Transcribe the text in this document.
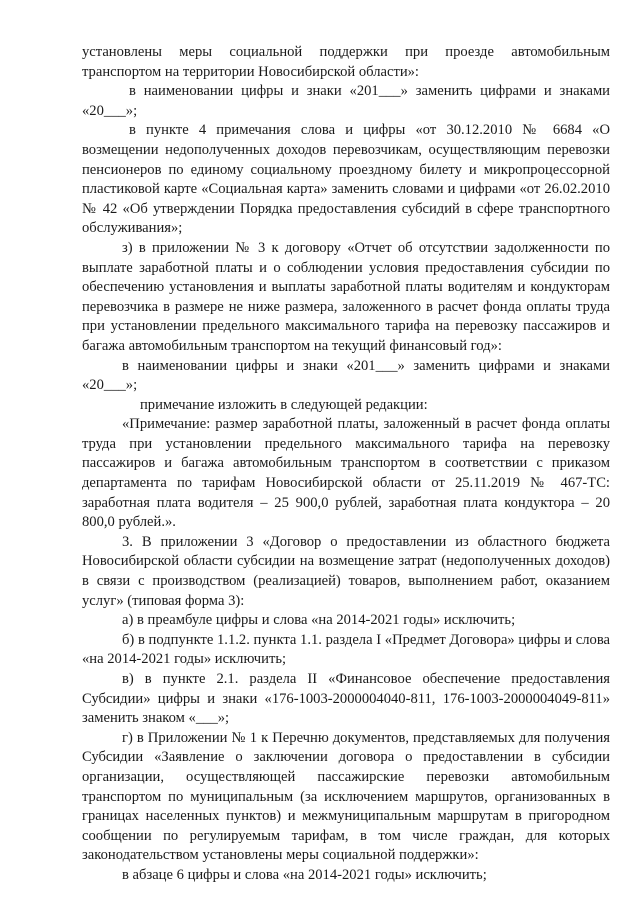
установлены меры социальной поддержки при проезде автомобильным транспортом на территории Новосибирской области»:

в наименовании цифры и знаки «201___» заменить цифрами и знаками «20___»;

в пункте 4 примечания слова и цифры «от 30.12.2010 № 6684 «О возмещении недополученных доходов перевозчикам, осуществляющим перевозки пенсионеров по единому социальному проездному билету и микропроцессорной пластиковой карте «Социальная карта» заменить словами и цифрами «от 26.02.2010 № 42 «Об утверждении Порядка предоставления субсидий в сфере транспортного обслуживания»;

з) в приложении № 3 к договору «Отчет об отсутствии задолженности по выплате заработной платы и о соблюдении условия предоставления субсидии по обеспечению установления и выплаты заработной платы водителям и кондукторам перевозчика в размере не ниже размера, заложенного в расчет фонда оплаты труда при установлении предельного максимального тарифа на перевозку пассажиров и багажа автомобильным транспортом на текущий финансовый год»:

в наименовании цифры и знаки «201___» заменить цифрами и знаками «20___»;

примечание изложить в следующей редакции:

«Примечание: размер заработной платы, заложенный в расчет фонда оплаты труда при установлении предельного максимального тарифа на перевозку пассажиров и багажа автомобильным транспортом в соответствии с приказом департамента по тарифам Новосибирской области от 25.11.2019 № 467-ТС: заработная плата водителя – 25 900,0 рублей, заработная плата кондуктора – 20 800,0 рублей.».

3. В приложении 3 «Договор о предоставлении из областного бюджета Новосибирской области субсидии на возмещение затрат (недополученных доходов) в связи с производством (реализацией) товаров, выполнением работ, оказанием услуг» (типовая форма 3):

а) в преамбуле цифры и слова «на 2014-2021 годы» исключить;

б) в подпункте 1.1.2. пункта 1.1. раздела I «Предмет Договора» цифры и слова «на 2014-2021 годы» исключить;

в) в пункте 2.1. раздела II «Финансовое обеспечение предоставления Субсидии» цифры и знаки «176-1003-2000004040-811, 176-1003-2000004049-811» заменить знаком «___»;

г) в Приложении № 1 к Перечню документов, представляемых для получения Субсидии «Заявление о заключении договора о предоставлении в субсидии организации, осуществляющей пассажирские перевозки автомобильным транспортом по муниципальным (за исключением маршрутов, организованных в границах населенных пунктов) и межмуниципальным маршрутам в пригородном сообщении по регулируемым тарифам, в том числе граждан, для которых законодательством установлены меры социальной поддержки»:

в абзаце 6 цифры и слова «на 2014-2021 годы» исключить;
